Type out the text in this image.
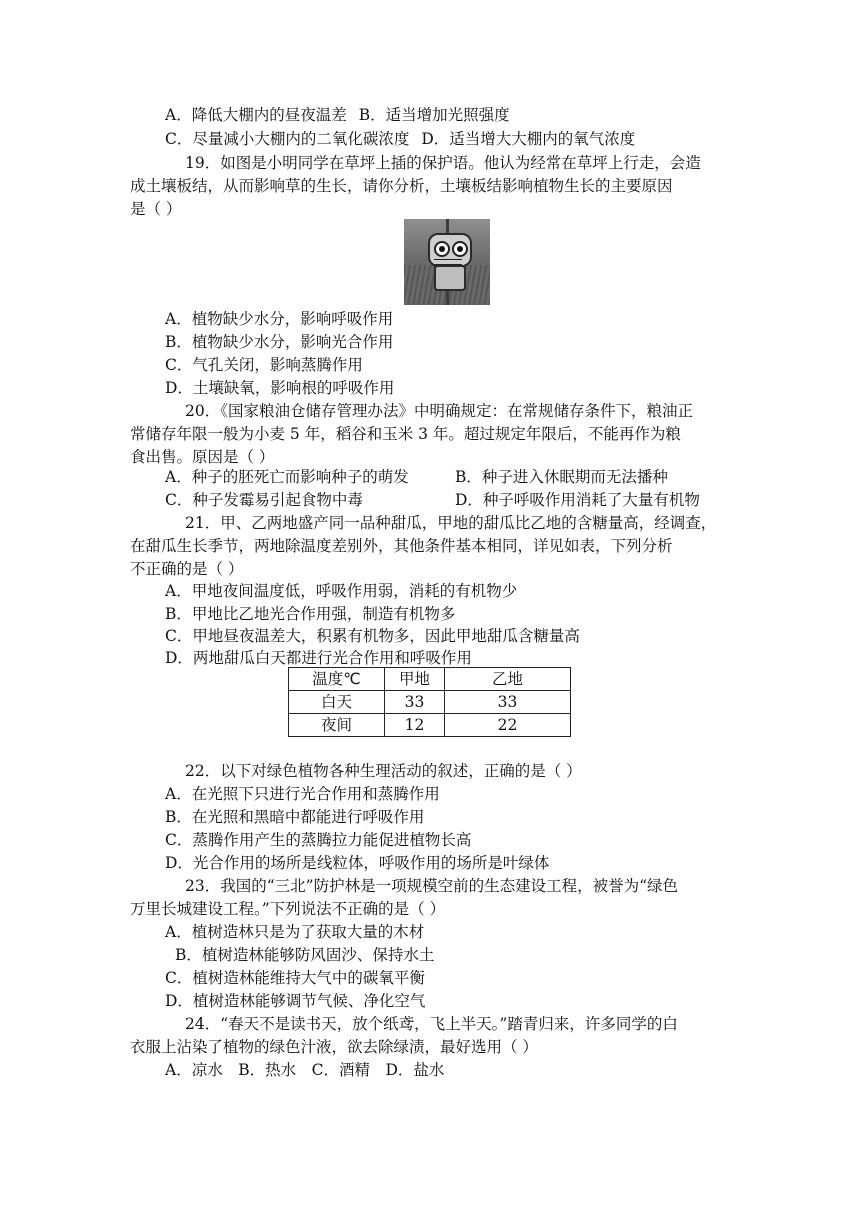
A．降低大棚内的昼夜温差 B．适当增加光照强度
C．尽量减小大棚内的二氧化碳浓度 D．适当增大大棚内的氧气浓度
19．如图是小明同学在草坪上插的保护语。他认为经常在草坪上行走，会造
成土壤板结，从而影响草的生长，请你分析，土壤板结影响植物生长的主要原因
是（ ）
A．植物缺少水分，影响呼吸作用
B．植物缺少水分，影响光合作用
C．气孔关闭，影响蒸腾作用
D．土壤缺氧，影响根的呼吸作用
20．《国家粮油仓储存管理办法》中明确规定：在常规储存条件下，粮油正
常储存年限一般为小麦 5 年，稻谷和玉米 3 年。超过规定年限后，不能再作为粮
食出售。原因是（ ）
A．种子的胚死亡而影响种子的萌发	B．种子进入休眠期而无法播种
C．种子发霉易引起食物中毒	D．种子呼吸作用消耗了大量有机物
21．甲、乙两地盛产同一品种甜瓜，甲地的甜瓜比乙地的含糖量高，经调查，
在甜瓜生长季节，两地除温度差别外，其他条件基本相同，详见如表，下列分析
不正确的是（ ）
A．甲地夜间温度低，呼吸作用弱，消耗的有机物少
B．甲地比乙地光合作用强，制造有机物多
C．甲地昼夜温差大，积累有机物多，因此甲地甜瓜含糖量高
D．两地甜瓜白天都进行光合作用和呼吸作用
温度℃	甲地	乙地
白天	33	33
夜间	12	22
22．以下对绿色植物各种生理活动的叙述，正确的是（ ）
A．在光照下只进行光合作用和蒸腾作用
B．在光照和黑暗中都能进行呼吸作用
C．蒸腾作用产生的蒸腾拉力能促进植物长高
D．光合作用的场所是线粒体，呼吸作用的场所是叶绿体
23．我国的“三北”防护林是一项规模空前的生态建设工程，被誉为“绿色
万里长城建设工程。”下列说法不正确的是（ ）
A．植树造林只是为了获取大量的木材
B．植树造林能够防风固沙、保持水土
C．植树造林能维持大气中的碳氧平衡
D．植树造林能够调节气候、净化空气
24．“春天不是读书天，放个纸鸢，飞上半天。”踏青归来，许多同学的白
衣服上沾染了植物的绿色汁液，欲去除绿渍，最好选用（ ）
A．凉水　B．热水　C．酒精　D．盐水
